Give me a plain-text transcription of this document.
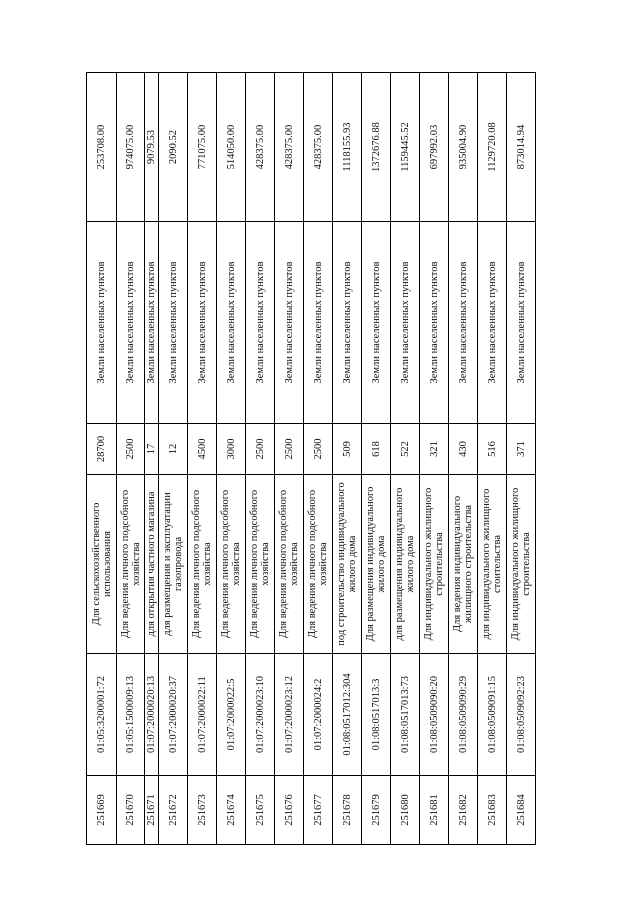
251669	01:05:3200001:72	Для сельскохозяйственного использования	28700	Земли населенных пунктов	253708.00
251670	01:05:1500009:13	Для ведения личного подсобного хозяйства	2500	Земли населенных пунктов	974075.00
251671	01:07:2000020:13	для открытия частного магазина	17	Земли населенных пунктов	9079.53
251672	01:07:2000020:37	для размещения и эксплуатации газопровода	12	Земли населенных пунктов	2090.52
251673	01:07:2000022:11	Для ведения личного подсобного хозяйства	4500	Земли населенных пунктов	771075.00
251674	01:07:2000022:5	Для ведения личного подсобного хозяйства	3000	Земли населенных пунктов	514050.00
251675	01:07:2000023:10	Для ведения личного подсобного хозяйства	2500	Земли населенных пунктов	428375.00
251676	01:07:2000023:12	Для ведения личного подсобного хозяйства	2500	Земли населенных пунктов	428375.00
251677	01:07:2000024:2	Для ведения личного подсобного хозяйства	2500	Земли населенных пунктов	428375.00
251678	01:08:0517012:304	под строительство индивидуального жилого дома	509	Земли населенных пунктов	1118155.93
251679	01:08:0517013:3	Для размещения индивидуального жилого дома	618	Земли населенных пунктов	1372676.88
251680	01:08:0517013:73	для размещения индивидуального жилого дома	522	Земли населенных пунктов	1159445.52
251681	01:08:0509090:20	Для индивидуального жилищного строительства	321	Земли населенных пунктов	697992.03
251682	01:08:0509090:29	Для ведения индивидуального жилищного строительства	430	Земли населенных пунктов	935004.90
251683	01:08:0509091:15	для индивидуального жилищного стоительства	516	Земли населенных пунктов	1129720.08
251684	01:08:0509092:23	Для индивидуального жилищного строительства	371	Земли населенных пунктов	873014.94
